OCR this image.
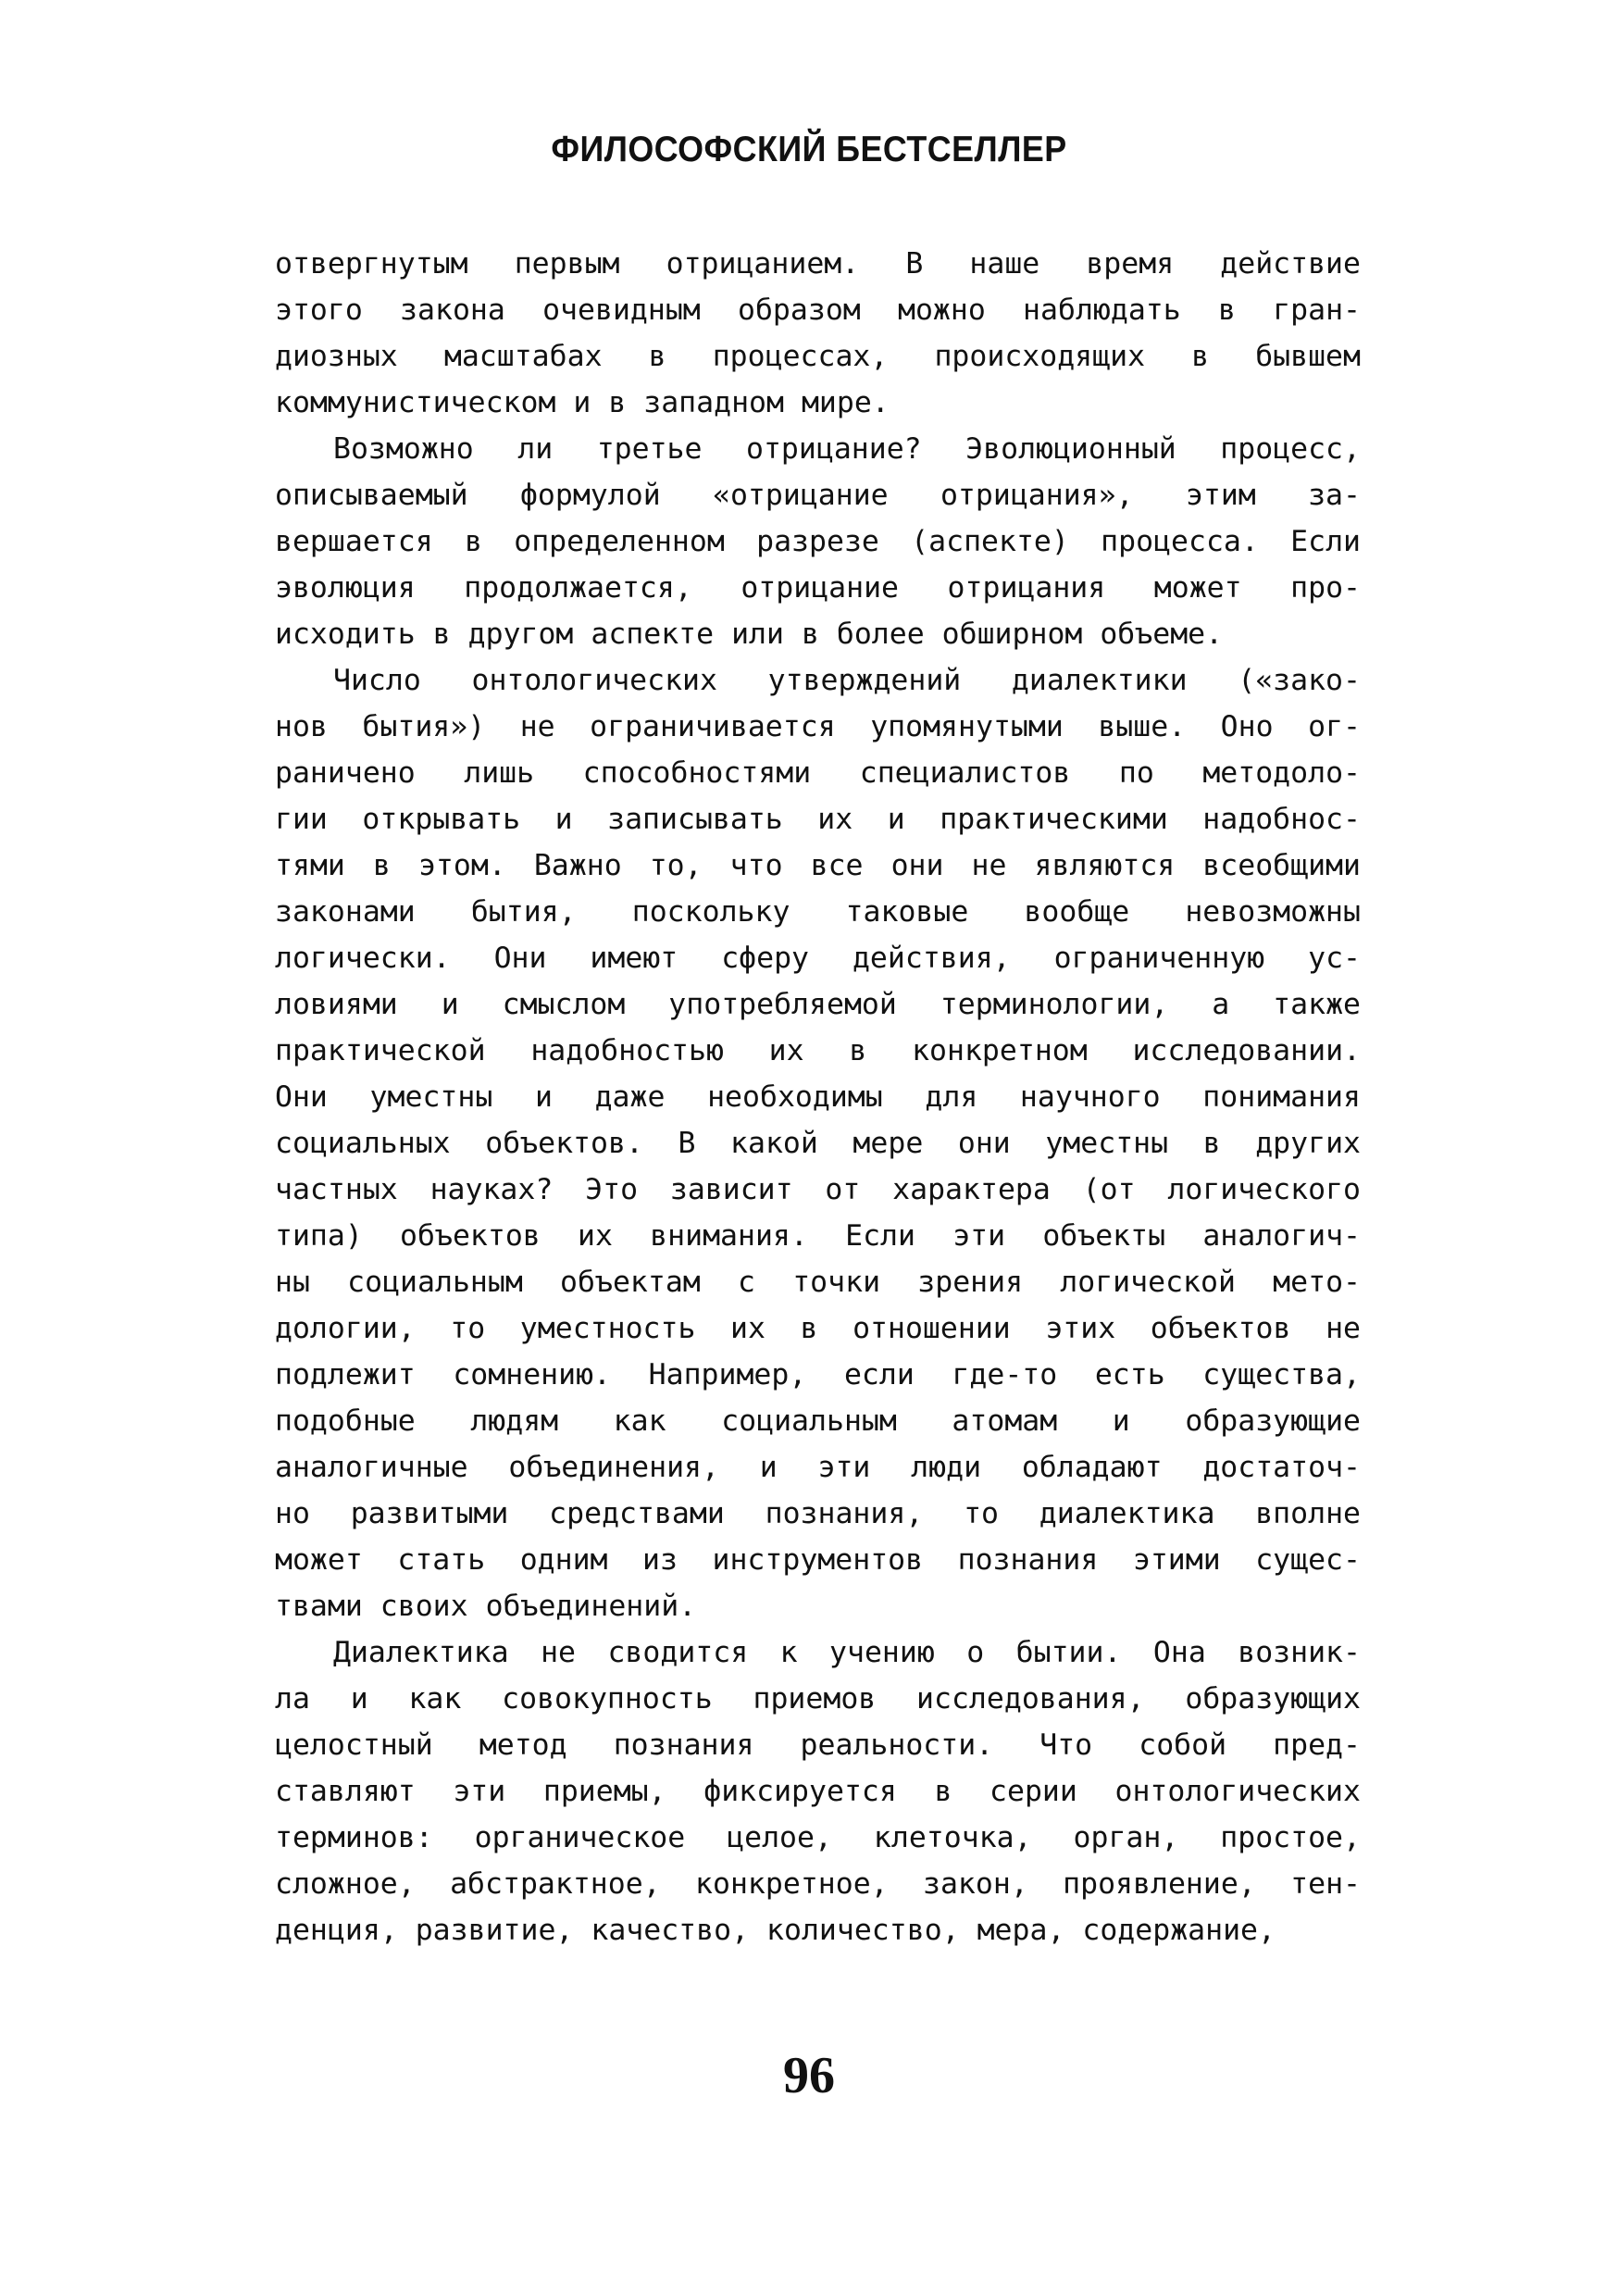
ФИЛОСОФСКИЙ БЕСТСЕЛЛЕР
отвергнутым первым отрицанием. В наше время действие
этого закона очевидным образом можно наблюдать в гран-
диозных масштабах в процессах, происходящих в бывшем
коммунистическом и в западном мире.
Возможно ли третье отрицание? Эволюционный процесс,
описываемый формулой «отрицание отрицания», этим за-
вершается в определенном разрезе (аспекте) процесса. Если
эволюция продолжается, отрицание отрицания может про-
исходить в другом аспекте или в более обширном объеме.
Число онтологических утверждений диалектики («зако-
нов бытия») не ограничивается упомянутыми выше. Оно ог-
раничено лишь способностями специалистов по методоло-
гии открывать и записывать их и практическими надобнос-
тями в этом. Важно то, что все они не являются всеобщими
законами бытия, поскольку таковые вообще невозможны
логически. Они имеют сферу действия, ограниченную ус-
ловиями и смыслом употребляемой терминологии, а также
практической надобностью их в конкретном исследовании.
Они уместны и даже необходимы для научного понимания
социальных объектов. В какой мере они уместны в других
частных науках? Это зависит от характера (от логического
типа) объектов их внимания. Если эти объекты аналогич-
ны социальным объектам с точки зрения логической мето-
дологии, то уместность их в отношении этих объектов не
подлежит сомнению. Например, если где-то есть существа,
подобные людям как социальным атомам и образующие
аналогичные объединения, и эти люди обладают достаточ-
но развитыми средствами познания, то диалектика вполне
может стать одним из инструментов познания этими сущес-
твами своих объединений.
Диалектика не сводится к учению о бытии. Она возник-
ла и как совокупность приемов исследования, образующих
целостный метод познания реальности. Что собой пред-
ставляют эти приемы, фиксируется в серии онтологических
терминов: органическое целое, клеточка, орган, простое,
сложное, абстрактное, конкретное, закон, проявление, тен-
денция, развитие, качество, количество, мера, содержание,
96
